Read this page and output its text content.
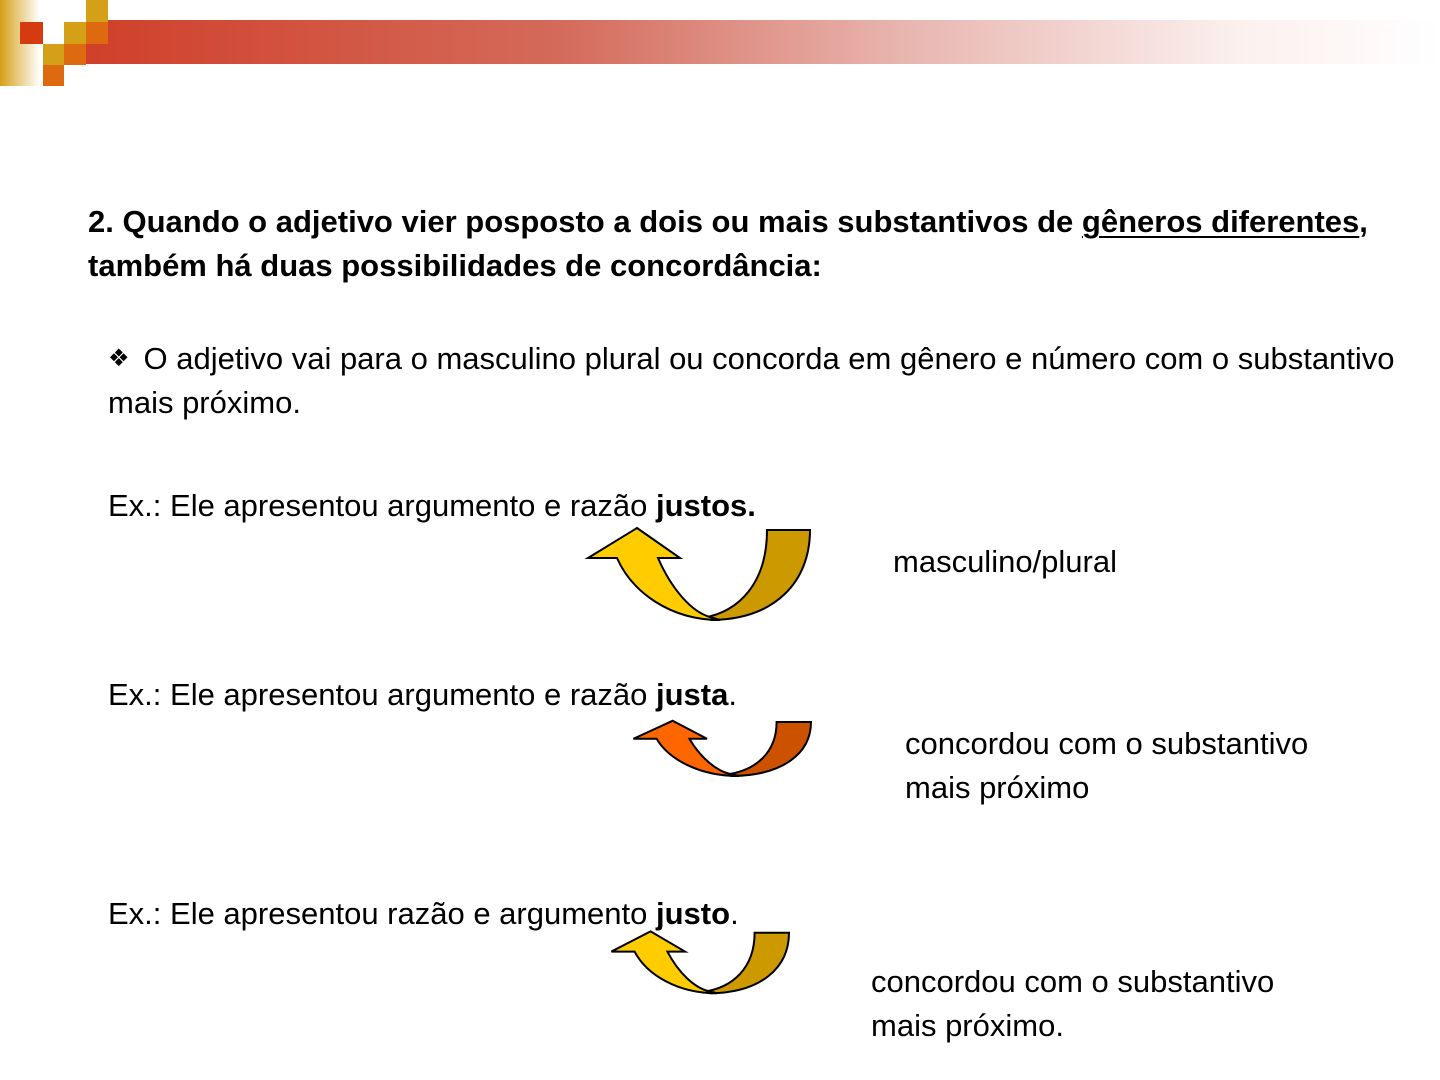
2. Quando o adjetivo vier posposto a dois ou mais substantivos de gêneros diferentes, também há duas possibilidades de concordância:
❖ O adjetivo vai para o masculino plural ou concorda em gênero e número com o substantivo mais próximo.
Ex.: Ele apresentou argumento e razão justos.
masculino/plural
Ex.: Ele apresentou argumento e razão justa.
concordou com o substantivo
mais próximo
Ex.: Ele apresentou razão e argumento justo.
concordou com o substantivo
mais próximo.
